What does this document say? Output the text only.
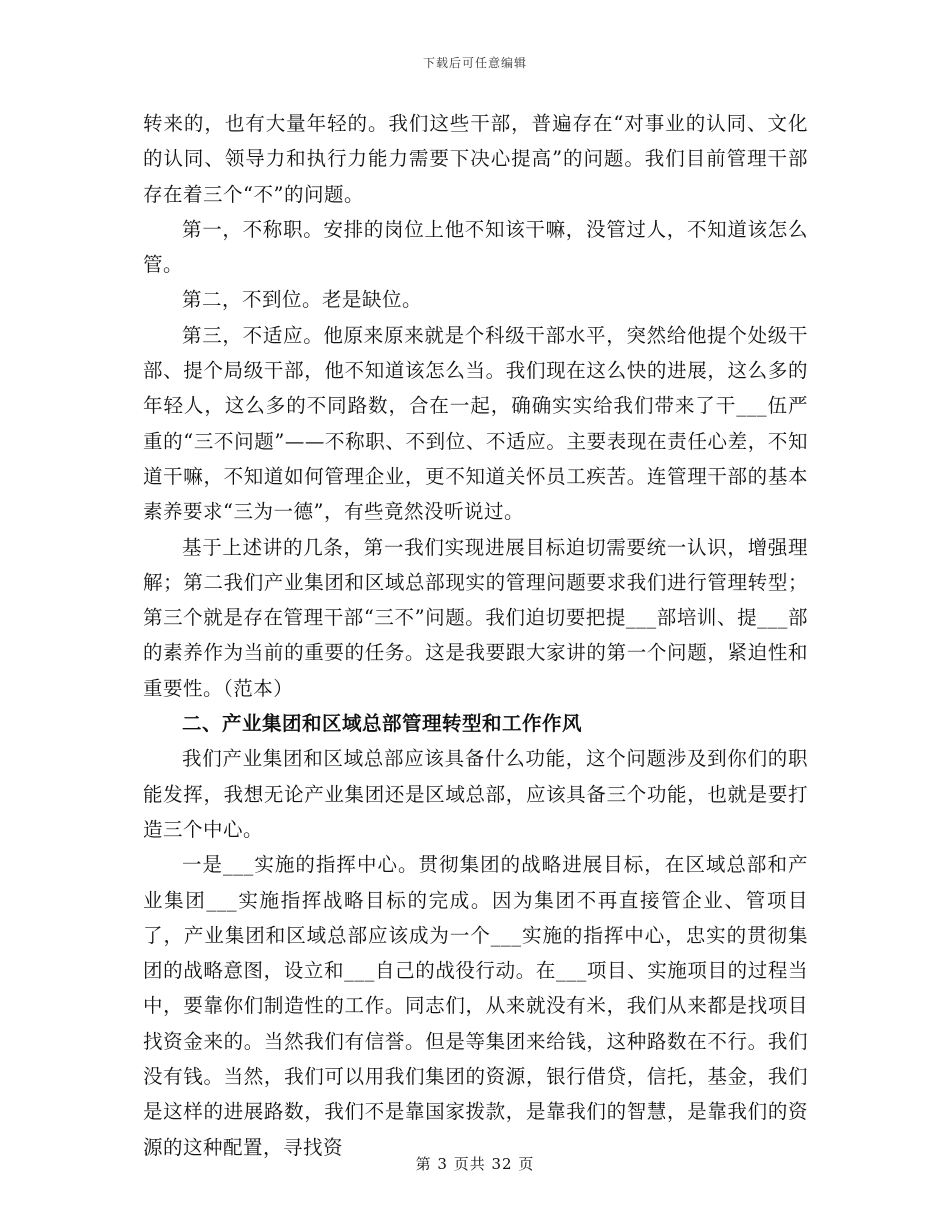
下载后可任意编辑

转来的，也有大量年轻的。我们这些干部，普遍存在“对事业的认同、文化的认同、领导力和执行力能力需要下决心提高”的问题。我们目前管理干部存在着三个“不”的问题。

第一，不称职。安排的岗位上他不知该干嘛，没管过人，不知道该怎么管。

第二，不到位。老是缺位。

第三，不适应。他原来原来就是个科级干部水平，突然给他提个处级干部、提个局级干部，他不知道该怎么当。我们现在这么快的进展，这么多的年轻人，这么多的不同路数，合在一起，确确实实给我们带来了干___伍严重的“三不问题”——不称职、不到位、不适应。主要表现在责任心差，不知道干嘛，不知道如何管理企业，更不知道关怀员工疾苦。连管理干部的基本素养要求“三为一德”，有些竟然没听说过。

基于上述讲的几条，第一我们实现进展目标迫切需要统一认识，增强理解；第二我们产业集团和区域总部现实的管理问题要求我们进行管理转型；第三个就是存在管理干部“三不”问题。我们迫切要把提___部培训、提___部的素养作为当前的重要的任务。这是我要跟大家讲的第一个问题，紧迫性和重要性。（范本）

二、产业集团和区域总部管理转型和工作作风

我们产业集团和区域总部应该具备什么功能，这个问题涉及到你们的职能发挥，我想无论产业集团还是区域总部，应该具备三个功能，也就是要打造三个中心。

一是___实施的指挥中心。贯彻集团的战略进展目标，在区域总部和产业集团___实施指挥战略目标的完成。因为集团不再直接管企业、管项目了，产业集团和区域总部应该成为一个___实施的指挥中心，忠实的贯彻集团的战略意图，设立和___自己的战役行动。在___项目、实施项目的过程当中，要靠你们制造性的工作。同志们，从来就没有米，我们从来都是找项目找资金来的。当然我们有信誉。但是等集团来给钱，这种路数在不行。我们没有钱。当然，我们可以用我们集团的资源，银行借贷，信托，基金，我们是这样的进展路数，我们不是靠国家拨款，是靠我们的智慧，是靠我们的资源的这种配置，寻找资

第 3 页共 32 页
